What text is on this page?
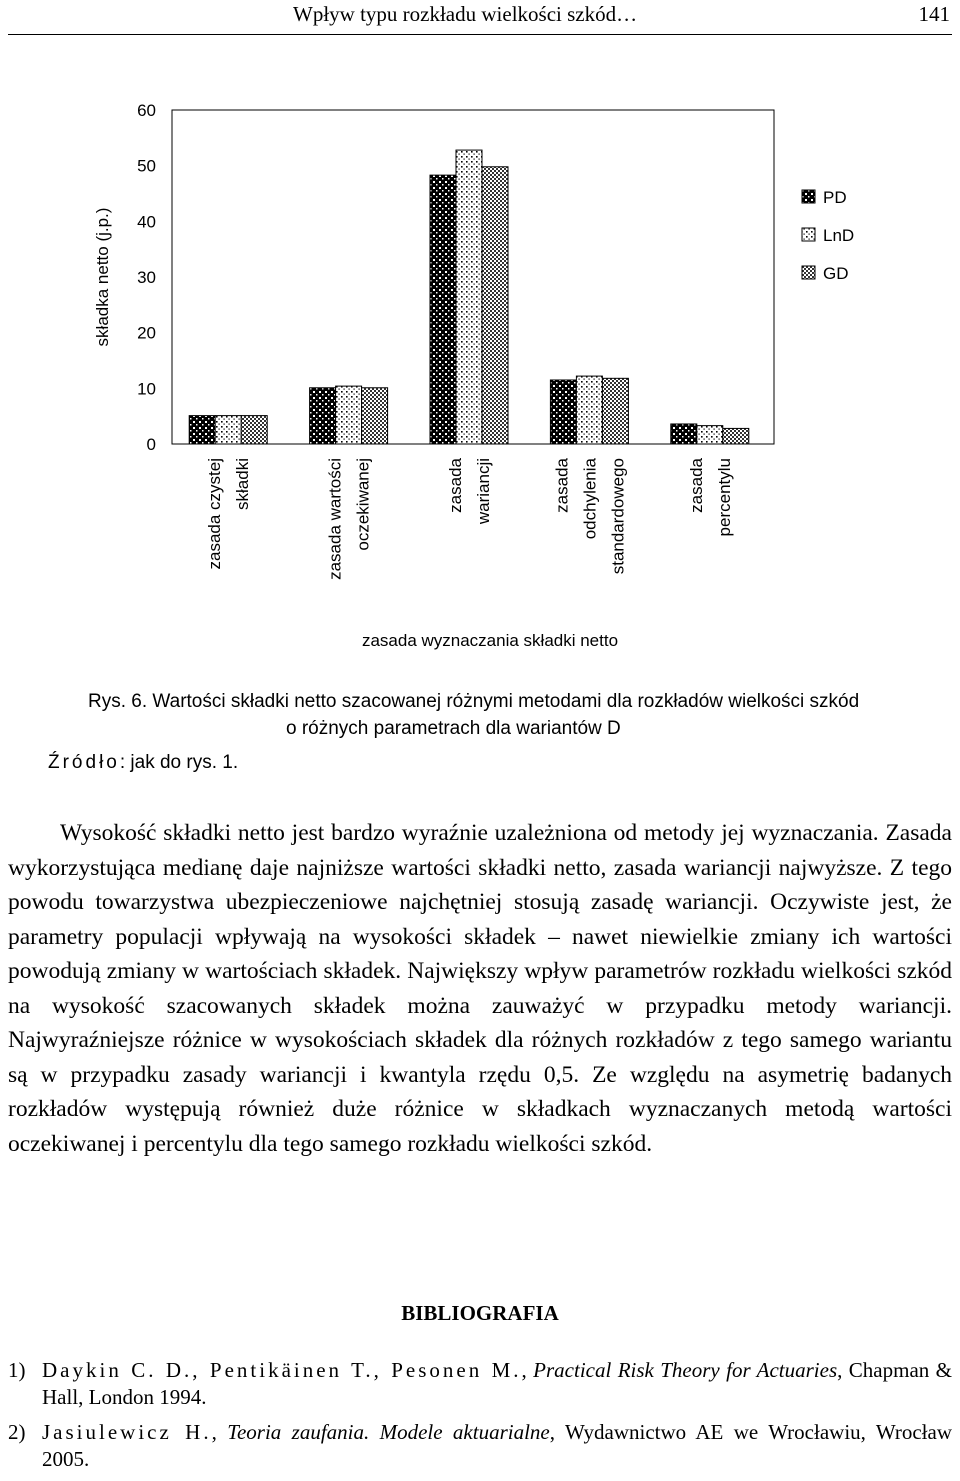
Wpływ typu rozkładu wielkości szkód…	141
0
10
20
30
40
50
60
zasada czystej składki	zasada wartości oczekiwanej	zasada wariancji	zasada odchylenia standardowego	zasada percentylu
składka netto (j.p.)
zasada wyznaczania składki netto
PD
LnD
GD
Rys. 6. Wartości składki netto szacowanej różnymi metodami dla rozkładów wielkości szkód
o różnych parametrach dla wariantów D
Źródło: jak do rys. 1.

Wysokość składki netto jest bardzo wyraźnie uzależniona od metody jej wyznaczania. Zasada wykorzystująca medianę daje najniższe wartości składki netto, zasada wariancji najwyższe. Z tego powodu towarzystwa ubezpieczeniowe najchętniej stosują zasadę wariancji. Oczywiste jest, że parametry populacji wpływają na wysokości składek – nawet niewielkie zmiany ich wartości powodują zmiany w wartościach składek. Największy wpływ parametrów rozkładu wielkości szkód na wysokość szacowanych składek można zauważyć w przypadku metody wariancji. Najwyraźniejsze różnice w wysokościach składek dla różnych rozkładów z tego samego wariantu są w przypadku zasady wariancji i kwantyla rzędu 0,5. Ze względu na asymetrię badanych rozkładów występują również duże różnice w składkach wyznaczanych metodą wartości oczekiwanej i percentylu dla tego samego rozkładu wielkości szkód.

BIBLIOGRAFIA
1) Daykin C. D., Pentikäinen T., Pesonen M., Practical Risk Theory for Actuaries, Chapman & Hall, London 1994.
2) Jasiulewicz H., Teoria zaufania. Modele aktuarialne, Wydawnictwo AE we Wrocławiu, Wrocław 2005.
